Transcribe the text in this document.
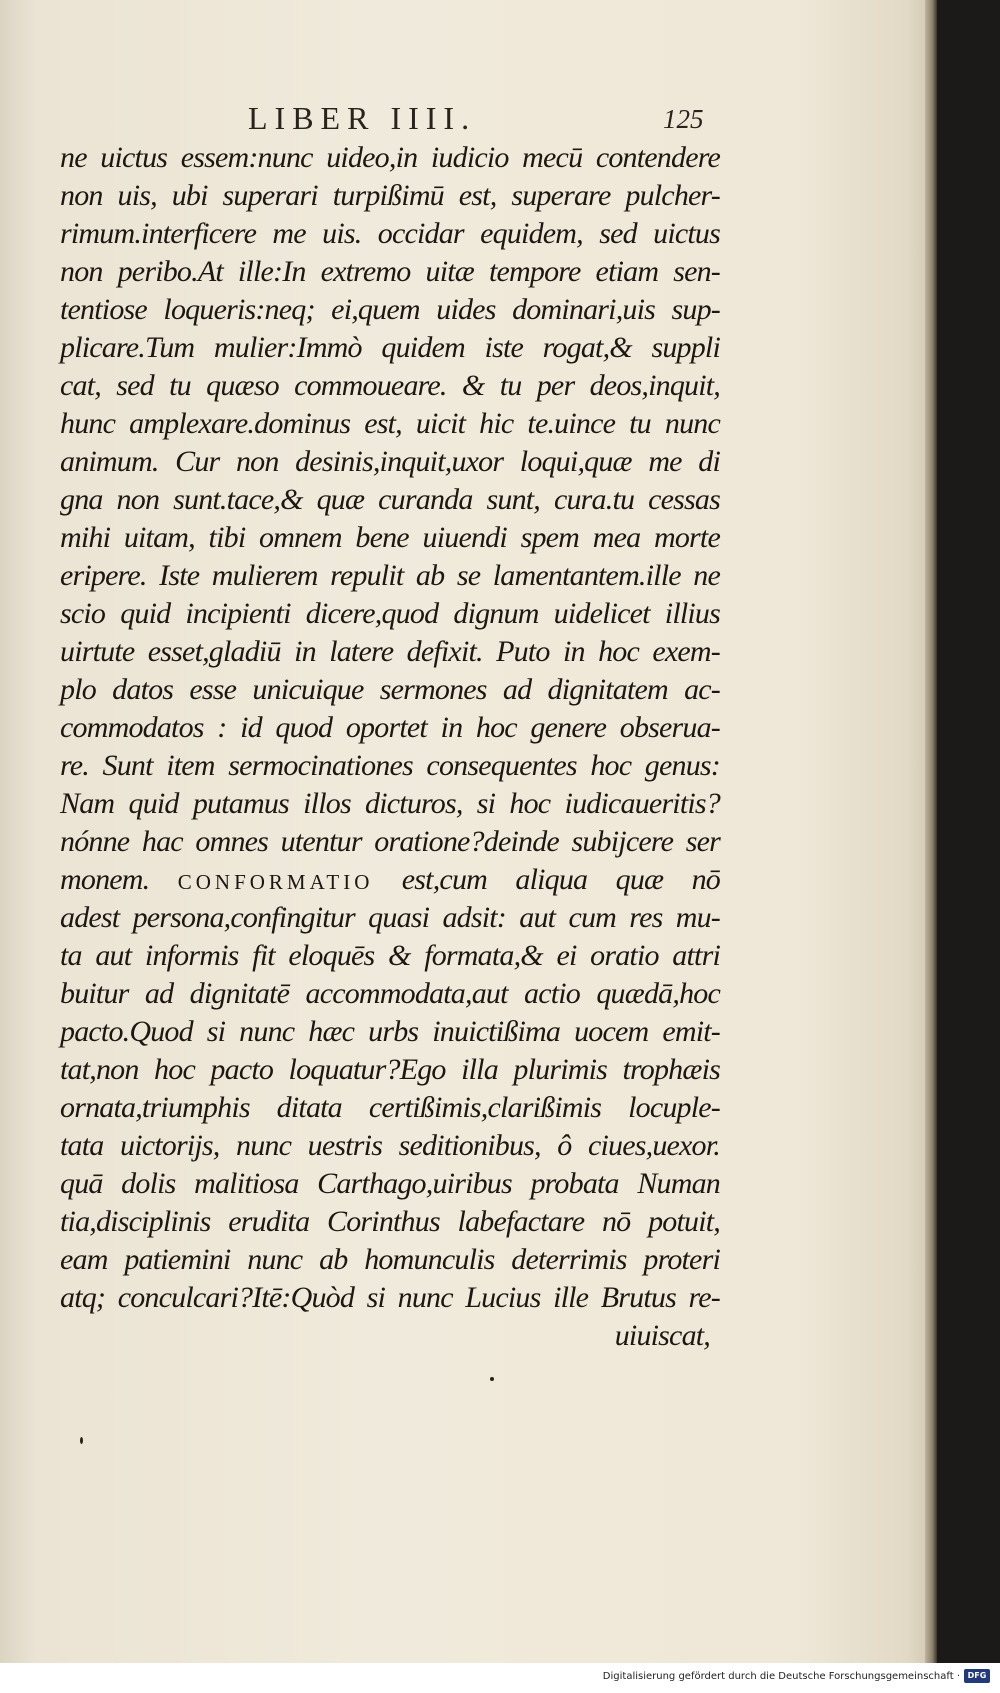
LIBER IIII.	125
ne uictus essem:nunc uideo,in iudicio mecū contendere
non uis, ubi superari turpißimū est, superare pulcher-
rimum.interficere me uis. occidar equidem, sed uictus
non peribo.At ille:In extremo uitæ tempore etiam sen-
tentiose loqueris:neq; ei,quem uides dominari,uis sup-
plicare.Tum mulier:Immò quidem iste rogat,& suppli
cat, sed tu quæso commoueare. & tu per deos,inquit,
hunc amplexare.dominus est, uicit hic te.uince tu nunc
animum. Cur non desinis,inquit,uxor loqui,quæ me di
gna non sunt.tace,& quæ curanda sunt, cura.tu cessas
mihi uitam, tibi omnem bene uiuendi spem mea morte
eripere. Iste mulierem repulit ab se lamentantem.ille ne
scio quid incipienti dicere,quod dignum uidelicet illius
uirtute esset,gladiū in latere defixit. Puto in hoc exem-
plo datos esse unicuique sermones ad dignitatem ac-
commodatos : id quod oportet in hoc genere obserua-
re. Sunt item sermocinationes consequentes hoc genus:
Nam quid putamus illos dicturos, si hoc iudicaueritis?
nónne hac omnes utentur oratione?deinde subijcere ser
monem. CONFORMATIO est,cum aliqua quæ nō
adest persona,confingitur quasi adsit: aut cum res mu-
ta aut informis fit eloquēs & formata,& ei oratio attri
buitur ad dignitatē accommodata,aut actio quædā,hoc
pacto.Quod si nunc hæc urbs inuictißima uocem emit-
tat,non hoc pacto loquatur?Ego illa plurimis trophæis
ornata,triumphis ditata certißimis,clarißimis locuple-
tata uictorijs, nunc uestris seditionibus, ô ciues,uexor.
quā dolis malitiosa Carthago,uiribus probata Numan
tia,disciplinis erudita Corinthus labefactare nō potuit,
eam patiemini nunc ab homunculis deterrimis proteri
atq; conculcari?Itē:Quòd si nunc Lucius ille Brutus re-
uiuiscat,
Digitalisierung gefördert durch die Deutsche Forschungsgemeinschaft · DFG
